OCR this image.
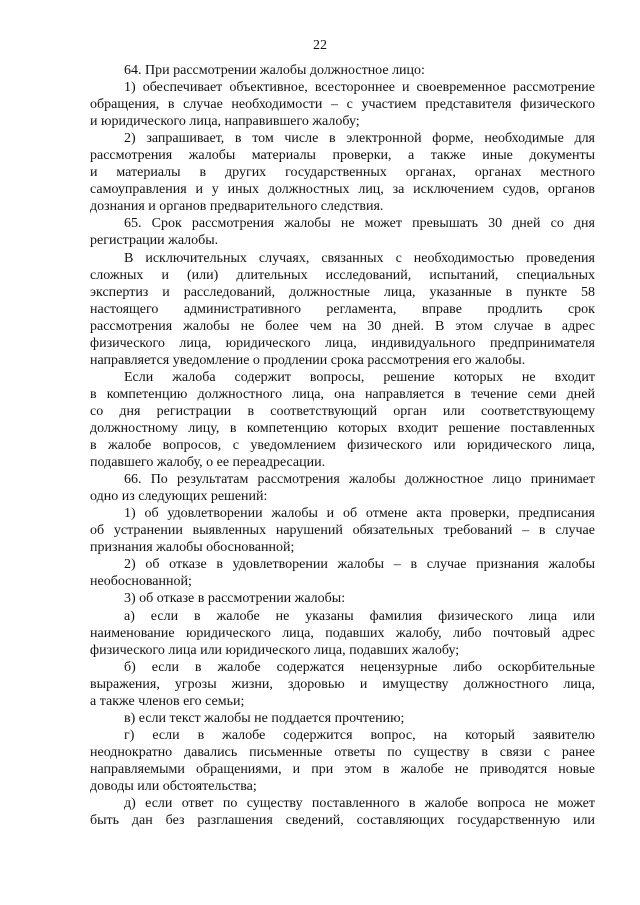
22
64. При рассмотрении жалобы должностное лицо:
1) обеспечивает объективное, всестороннее и своевременное рассмотрение
обращения, в случае необходимости – с участием представителя физического
и юридического лица, направившего жалобу;
2) запрашивает, в том числе в электронной форме, необходимые для
рассмотрения жалобы материалы проверки, а также иные документы
и материалы в других государственных органах, органах местного
самоуправления и у иных должностных лиц, за исключением судов, органов
дознания и органов предварительного следствия.
65. Срок рассмотрения жалобы не может превышать 30 дней со дня
регистрации жалобы.
В исключительных случаях, связанных с необходимостью проведения
сложных и (или) длительных исследований, испытаний, специальных
экспертиз и расследований, должностные лица, указанные в пункте 58
настоящего административного регламента, вправе продлить срок
рассмотрения жалобы не более чем на 30 дней. В этом случае в адрес
физического лица, юридического лица, индивидуального предпринимателя
направляется уведомление о продлении срока рассмотрения его жалобы.
Если жалоба содержит вопросы, решение которых не входит
в компетенцию должностного лица, она направляется в течение семи дней
со дня регистрации в соответствующий орган или соответствующему
должностному лицу, в компетенцию которых входит решение поставленных
в жалобе вопросов, с уведомлением физического или юридического лица,
подавшего жалобу, о ее переадресации.
66. По результатам рассмотрения жалобы должностное лицо принимает
одно из следующих решений:
1) об удовлетворении жалобы и об отмене акта проверки, предписания
об устранении выявленных нарушений обязательных требований – в случае
признания жалобы обоснованной;
2) об отказе в удовлетворении жалобы – в случае признания жалобы
необоснованной;
3) об отказе в рассмотрении жалобы:
а) если в жалобе не указаны фамилия физического лица или
наименование юридического лица, подавших жалобу, либо почтовый адрес
физического лица или юридического лица, подавших жалобу;
б) если в жалобе содержатся нецензурные либо оскорбительные
выражения, угрозы жизни, здоровью и имуществу должностного лица,
а также членов его семьи;
в) если текст жалобы не поддается прочтению;
г) если в жалобе содержится вопрос, на который заявителю
неоднократно давались письменные ответы по существу в связи с ранее
направляемыми обращениями, и при этом в жалобе не приводятся новые
доводы или обстоятельства;
д) если ответ по существу поставленного в жалобе вопроса не может
быть дан без разглашения сведений, составляющих государственную или
